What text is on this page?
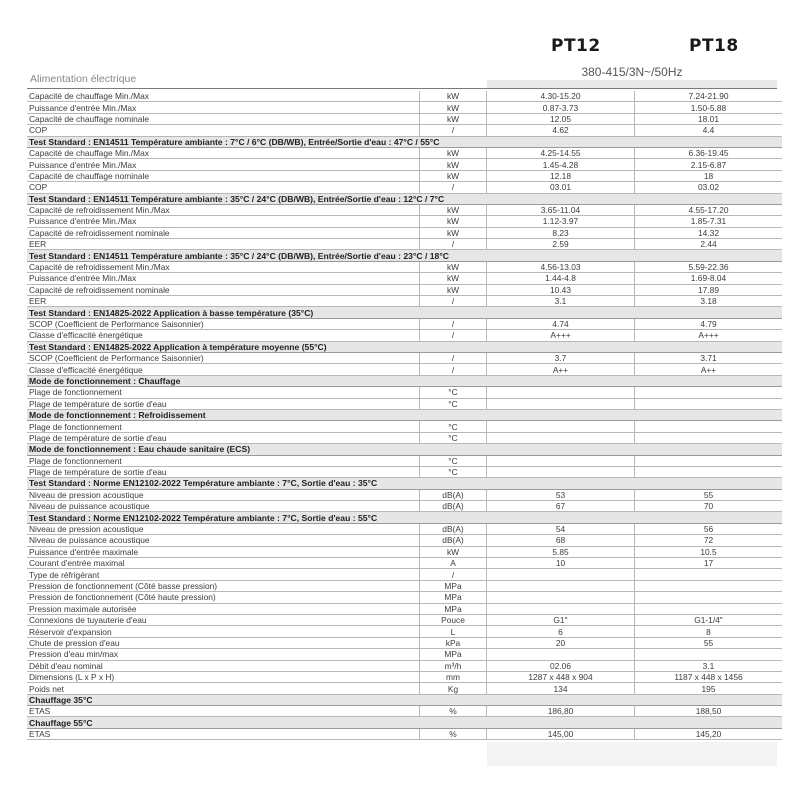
PT12	PT18
Alimentation électrique	380-415/3N~/50Hz
Capacité de chauffage Min./Max	kW	4.30-15.20	7.24-21.90
Puissance d'entrée Min./Max	kW	0.87-3.73	1.50-5.88
Capacité de chauffage nominale	kW	12.05	18.01
COP	/	4.62	4.4
Test Standard : EN14511 Température ambiante : 7°C / 6°C (DB/WB), Entrée/Sortie d'eau : 47°C / 55°C			
Capacité de chauffage Min./Max	kW	4.25-14.55	6.36-19.45
Puissance d'entrée Min./Max	kW	1.45-4.28	2.15-6.87
Capacité de chauffage nominale	kW	12.18	18
COP	/	03.01	03.02
Test Standard : EN14511 Température ambiante : 35°C / 24°C (DB/WB), Entrée/Sortie d'eau : 12°C / 7°C			
Capacité de refroidissement Min./Max	kW	3.65-11.04	4.55-17.20
Puissance d'entrée Min./Max	kW	1.12-3.97	1.85-7.31
Capacité de refroidissement nominale	kW	8.23	14.32
EER	/	2.59	2.44
Test Standard : EN14511 Température ambiante : 35°C / 24°C (DB/WB), Entrée/Sortie d'eau : 23°C / 18°C			
Capacité de refroidissement Min./Max	kW	4.56-13.03	5.59-22.36
Puissance d'entrée Min./Max	kW	1.44-4.8	1.69-8.04
Capacité de refroidissement nominale	kW	10.43	17.89
EER	/	3.1	3.18
Test Standard : EN14825-2022 Application à basse température (35°C)			
SCOP (Coefficient de Performance Saisonnier)	/	4.74	4.79
Classe d'efficacité énergétique	/	A+++	A+++
Test Standard : EN14825-2022 Application à température moyenne (55°C)			
SCOP (Coefficient de Performance Saisonnier)	/	3.7	3.71
Classe d'efficacité énergétique	/	A++	A++
Mode de fonctionnement : Chauffage			
Plage de fonctionnement	°C		
Plage de température de sortie d'eau	°C		
Mode de fonctionnement : Refroidissement			
Plage de fonctionnement	°C		
Plage de température de sortie d'eau	°C		
Mode de fonctionnement : Eau chaude sanitaire (ECS)			
Plage de fonctionnement	°C		
Plage de température de sortie d'eau	°C		
Test Standard : Norme EN12102-2022 Température ambiante : 7°C, Sortie d'eau : 35°C			
Niveau de pression acoustique	dB(A)	53	55
Niveau de puissance acoustique	dB(A)	67	70
Test Standard : Norme EN12102-2022 Température ambiante : 7°C, Sortie d'eau : 55°C			
Niveau de pression acoustique	dB(A)	54	56
Niveau de puissance acoustique	dB(A)	68	72
Puissance d'entrée maximale	kW	5.85	10.5
Courant d'entrée maximal	A	10	17
Type de réfrigérant	/		
Pression de fonctionnement (Côté basse pression)	MPa		
Pression de fonctionnement (Côté haute pression)	MPa		
Pression maximale autorisée	MPa		
Connexions de tuyauterie d'eau	Pouce	G1"	G1-1/4"
Réservoir d'expansion	L	6	8
Chute de pression d'eau	kPa	20	55
Pression d'eau min/max	MPa		
Débit d'eau nominal	m³/h	02.06	3.1
Dimensions (L x P x H)	mm	1287 x 448 x 904	1187 x 448 x 1456
Poids net	Kg	134	195
Chauffage 35°C			
ETAS	%	186,80	188,50
Chauffage 55°C			
ETAS	%	145,00	145,20
